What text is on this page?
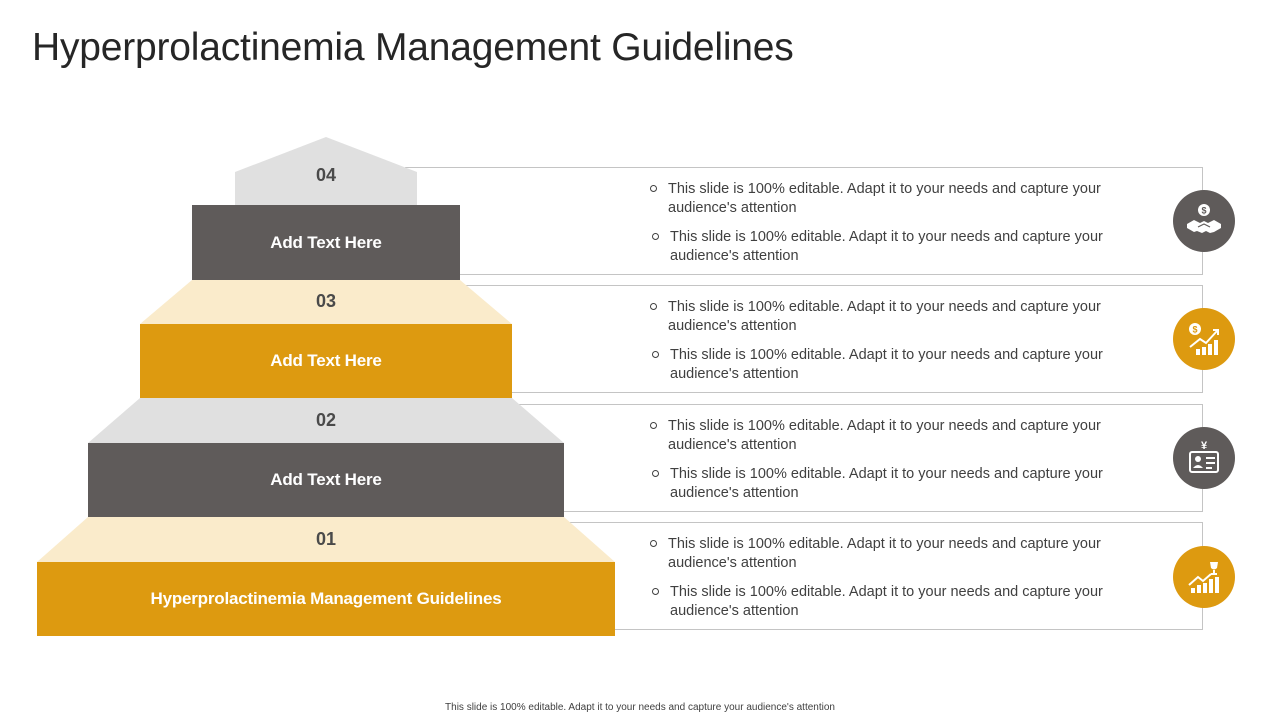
Hyperprolactinemia Management Guidelines
04
03
02
01
Add Text Here
Add Text Here
Add Text Here
Hyperprolactinemia Management Guidelines
This slide is 100% editable. Adapt it to your needs and capture your audience's attention
This slide is 100% editable. Adapt it to your needs and capture your audience's attention
This slide is 100% editable. Adapt it to your needs and capture your audience's attention
This slide is 100% editable. Adapt it to your needs and capture your audience's attention
This slide is 100% editable. Adapt it to your needs and capture your audience's attention
This slide is 100% editable. Adapt it to your needs and capture your audience's attention
This slide is 100% editable. Adapt it to your needs and capture your audience's attention
This slide is 100% editable. Adapt it to your needs and capture your audience's attention
$
$
¥
This slide is 100% editable. Adapt it to your needs and capture your audience's attention
